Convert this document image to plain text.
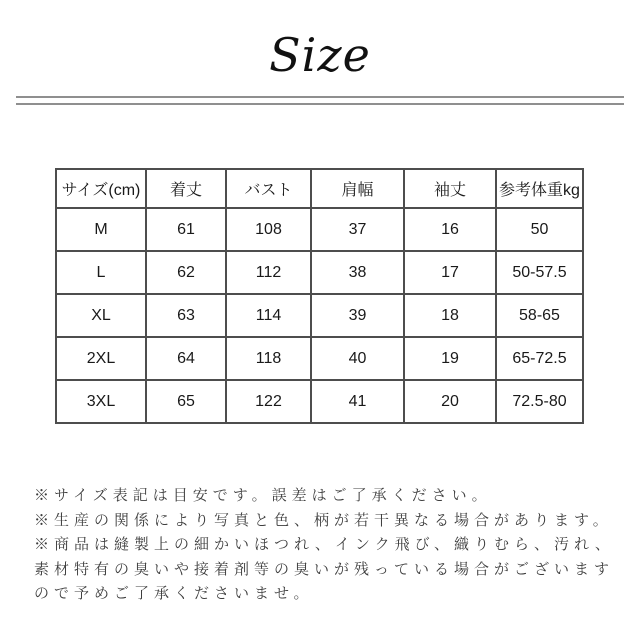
Size
サイズ(cm)	着丈	バスト	肩幅	袖丈	参考体重kg
M	61	108	37	16	50
L	62	112	38	17	50-57.5
XL	63	114	39	18	58-65
2XL	64	118	40	19	65-72.5
3XL	65	122	41	20	72.5-80
※サイズ表記は目安です。誤差はご了承ください。
※生産の関係により写真と色、柄が若干異なる場合があります。
※商品は縫製上の細かいほつれ、インク飛び、織りむら、汚れ、
素材特有の臭いや接着剤等の臭いが残っている場合がございます
ので予めご了承くださいませ。
